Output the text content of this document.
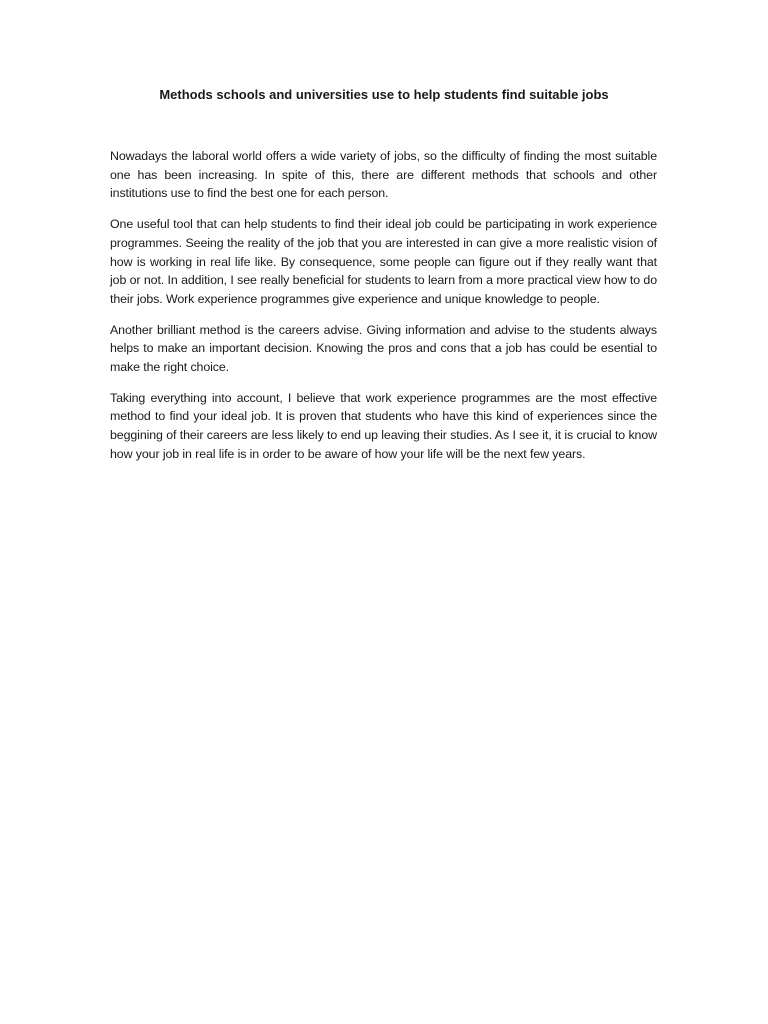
Methods schools and universities use to help students find suitable jobs

Nowadays the laboral world offers a wide variety of jobs, so the difficulty of finding the most suitable one has been increasing. In spite of this, there are different methods that schools and other institutions use to find the best one for each person.

One useful tool that can help students to find their ideal job could be participating in work experience programmes. Seeing the reality of the job that you are interested in can give a more realistic vision of how is working in real life like. By consequence, some people can figure out if they really want that job or not. In addition, I see really beneficial for students to learn from a more practical view how to do their jobs. Work experience programmes give experience and unique knowledge to people.

Another brilliant method is the careers advise. Giving information and advise to the students always helps to make an important decision. Knowing the pros and cons that a job has could be esential to make the right choice.

Taking everything into account, I believe that work experience programmes are the most effective method to find your ideal job. It is proven that students who have this kind of experiences since the beggining of their careers are less likely to end up leaving their studies. As I see it, it is crucial to know how your job in real life is in order to be aware of how your life will be the next few years.
